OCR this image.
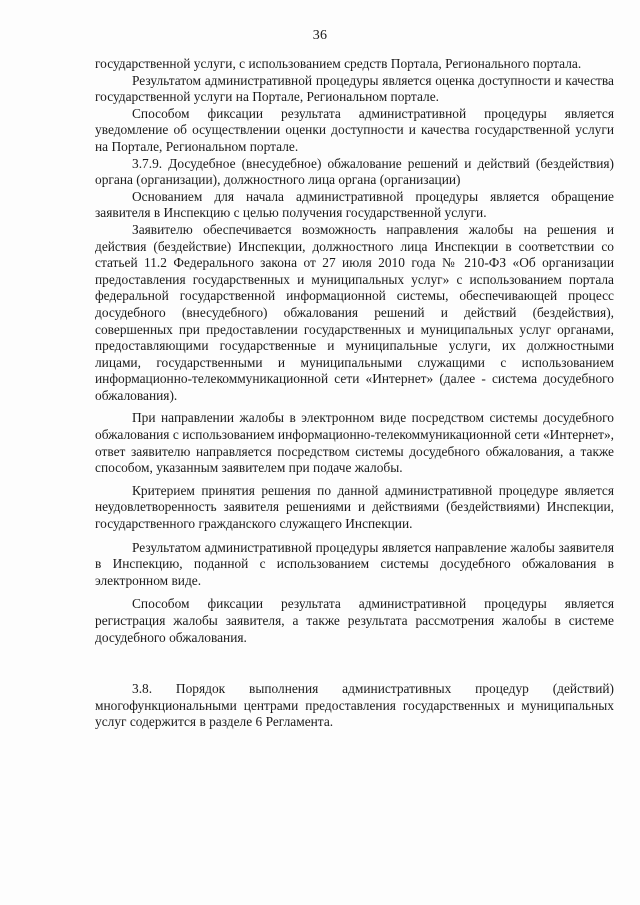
36

государственной услуги, с использованием средств Портала, Регионального портала.

Результатом административной процедуры является оценка доступности и качества государственной услуги на Портале, Региональном портале.

Способом фиксации результата административной процедуры является уведомление об осуществлении оценки доступности и качества государственной услуги на Портале, Региональном портале.

3.7.9. Досудебное (внесудебное) обжалование решений и действий (бездействия) органа (организации), должностного лица органа (организации)

Основанием для начала административной процедуры является обращение заявителя в Инспекцию с целью получения государственной услуги.

Заявителю обеспечивается возможность направления жалобы на решения и действия (бездействие) Инспекции, должностного лица Инспекции в соответствии со статьей 11.2 Федерального закона от 27 июля 2010 года № 210-ФЗ «Об организации предоставления государственных и муниципальных услуг» с использованием портала федеральной государственной информационной системы, обеспечивающей процесс досудебного (внесудебного) обжалования решений и действий (бездействия), совершенных при предоставлении государственных и муниципальных услуг органами, предоставляющими государственные и муниципальные услуги, их должностными лицами, государственными и муниципальными служащими с использованием информационно-телекоммуникационной сети «Интернет» (далее - система досудебного обжалования).

При направлении жалобы в электронном виде посредством системы досудебного обжалования с использованием информационно-телекоммуникационной сети «Интернет», ответ заявителю направляется посредством системы досудебного обжалования, а также способом, указанным заявителем при подаче жалобы.

Критерием принятия решения по данной административной процедуре является неудовлетворенность заявителя решениями и действиями (бездействиями) Инспекции, государственного гражданского служащего Инспекции.

Результатом административной процедуры является направление жалобы заявителя в Инспекцию, поданной с использованием системы досудебного обжалования в электронном виде.

Способом фиксации результата административной процедуры является регистрация жалобы заявителя, а также результата рассмотрения жалобы в системе досудебного обжалования.

3.8. Порядок выполнения административных процедур (действий) многофункциональными центрами предоставления государственных и муниципальных услуг содержится в разделе 6 Регламента.
